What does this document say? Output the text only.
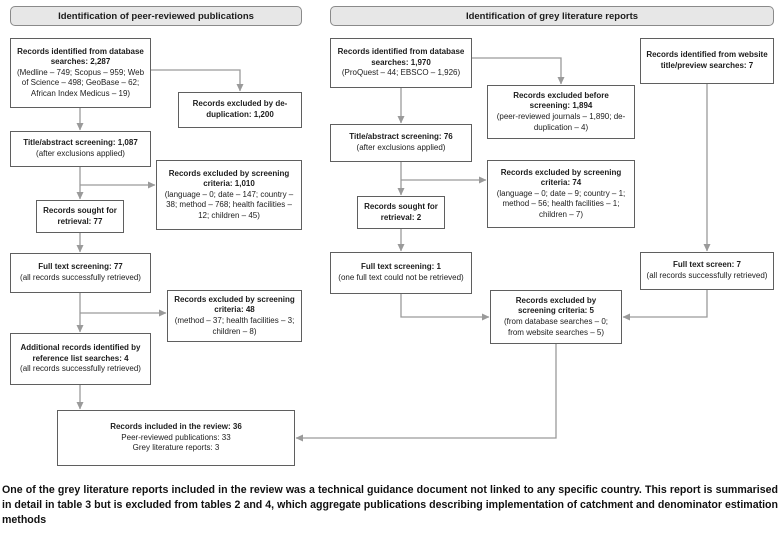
Identification of peer-reviewed publications	Identification of grey literature reports
Records identified from database searches: 2,287
(Medline – 749; Scopus – 959; Web of Science – 498; GeoBase – 62; African Index Medicus – 19)
Records excluded by de-duplication: 1,200
Title/abstract screening: 1,087
(after exclusions applied)
Records excluded by screening criteria: 1,010
(language – 0; date – 147; country – 38; method – 768; health facilities – 12; children – 45)
Records sought for retrieval: 77
Full text screening: 77
(all records successfully retrieved)
Records excluded by screening criteria: 48
(method – 37; health facilities – 3; children – 8)
Additional records identified by reference list searches: 4
(all records successfully retrieved)
Records identified from database searches: 1,970
(ProQuest – 44; EBSCO – 1,926)
Records identified from website title/preview searches: 7
Records excluded before screening: 1,894
(peer-reviewed journals – 1,890; de-duplication – 4)
Title/abstract screening: 76
(after exclusions applied)
Records excluded by screening criteria: 74
(language – 0; date – 9; country – 1; method – 56; health facilities – 1; children – 7)
Records sought for retrieval: 2
Full text screening: 1
(one full text could not be retrieved)
Records excluded by screening criteria: 5
(from database searches – 0; from website searches – 5)
Full text screen: 7
(all records successfully retrieved)
Records included in the review: 36
Peer-reviewed publications: 33
Grey literature reports: 3
One of the grey literature reports included in the review was a technical guidance document not linked to any specific country. This report is summarised in detail in table 3 but is excluded from tables 2 and 4, which aggregate publications describing implementation of catchment and denominator estimation methods
